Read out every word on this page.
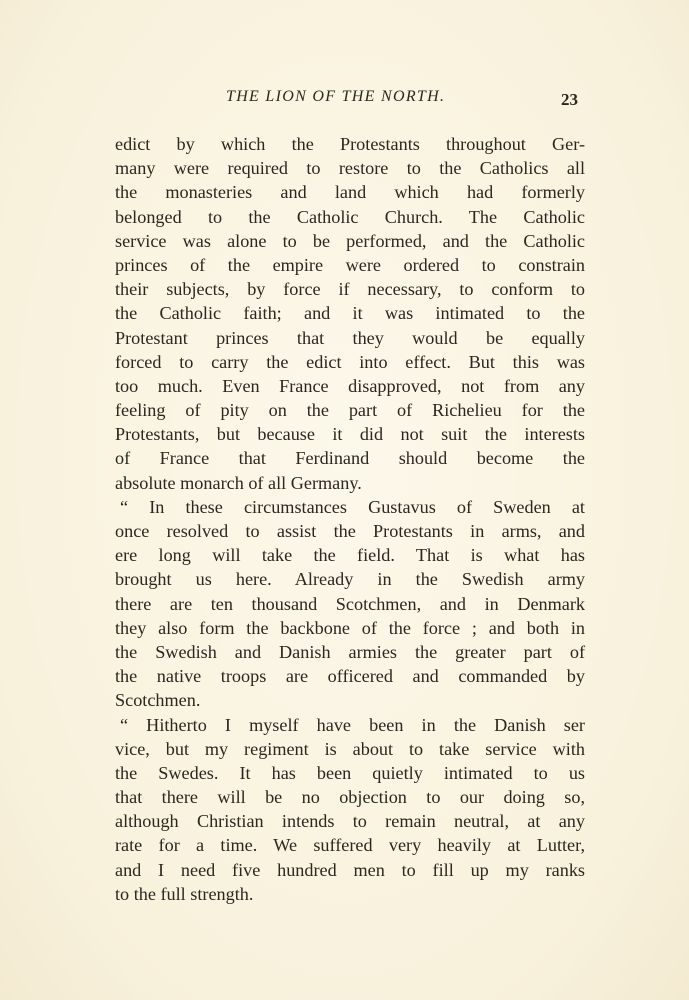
THE LION OF THE NORTH.	23
edict by which the Protestants throughout Ger-
many were required to restore to the Catholics all
the monasteries and land which had formerly
belonged to the Catholic Church. The Catholic
service was alone to be performed, and the Catholic
princes of the empire were ordered to constrain
their subjects, by force if necessary, to conform to
the Catholic faith; and it was intimated to the
Protestant princes that they would be equally
forced to carry the edict into effect. But this was
too much. Even France disapproved, not from any
feeling of pity on the part of Richelieu for the
Protestants, but because it did not suit the interests
of France that Ferdinand should become the
absolute monarch of all Germany.
“ In these circumstances Gustavus of Sweden at
once resolved to assist the Protestants in arms, and
ere long will take the field. That is what has
brought us here. Already in the Swedish army
there are ten thousand Scotchmen, and in Denmark
they also form the backbone of the force ; and both in
the Swedish and Danish armies the greater part of
the native troops are officered and commanded by
Scotchmen.
“ Hitherto I myself have been in the Danish ser
vice, but my regiment is about to take service with
the Swedes. It has been quietly intimated to us
that there will be no objection to our doing so,
although Christian intends to remain neutral, at any
rate for a time. We suffered very heavily at Lutter,
and I need five hundred men to fill up my ranks
to the full strength.
